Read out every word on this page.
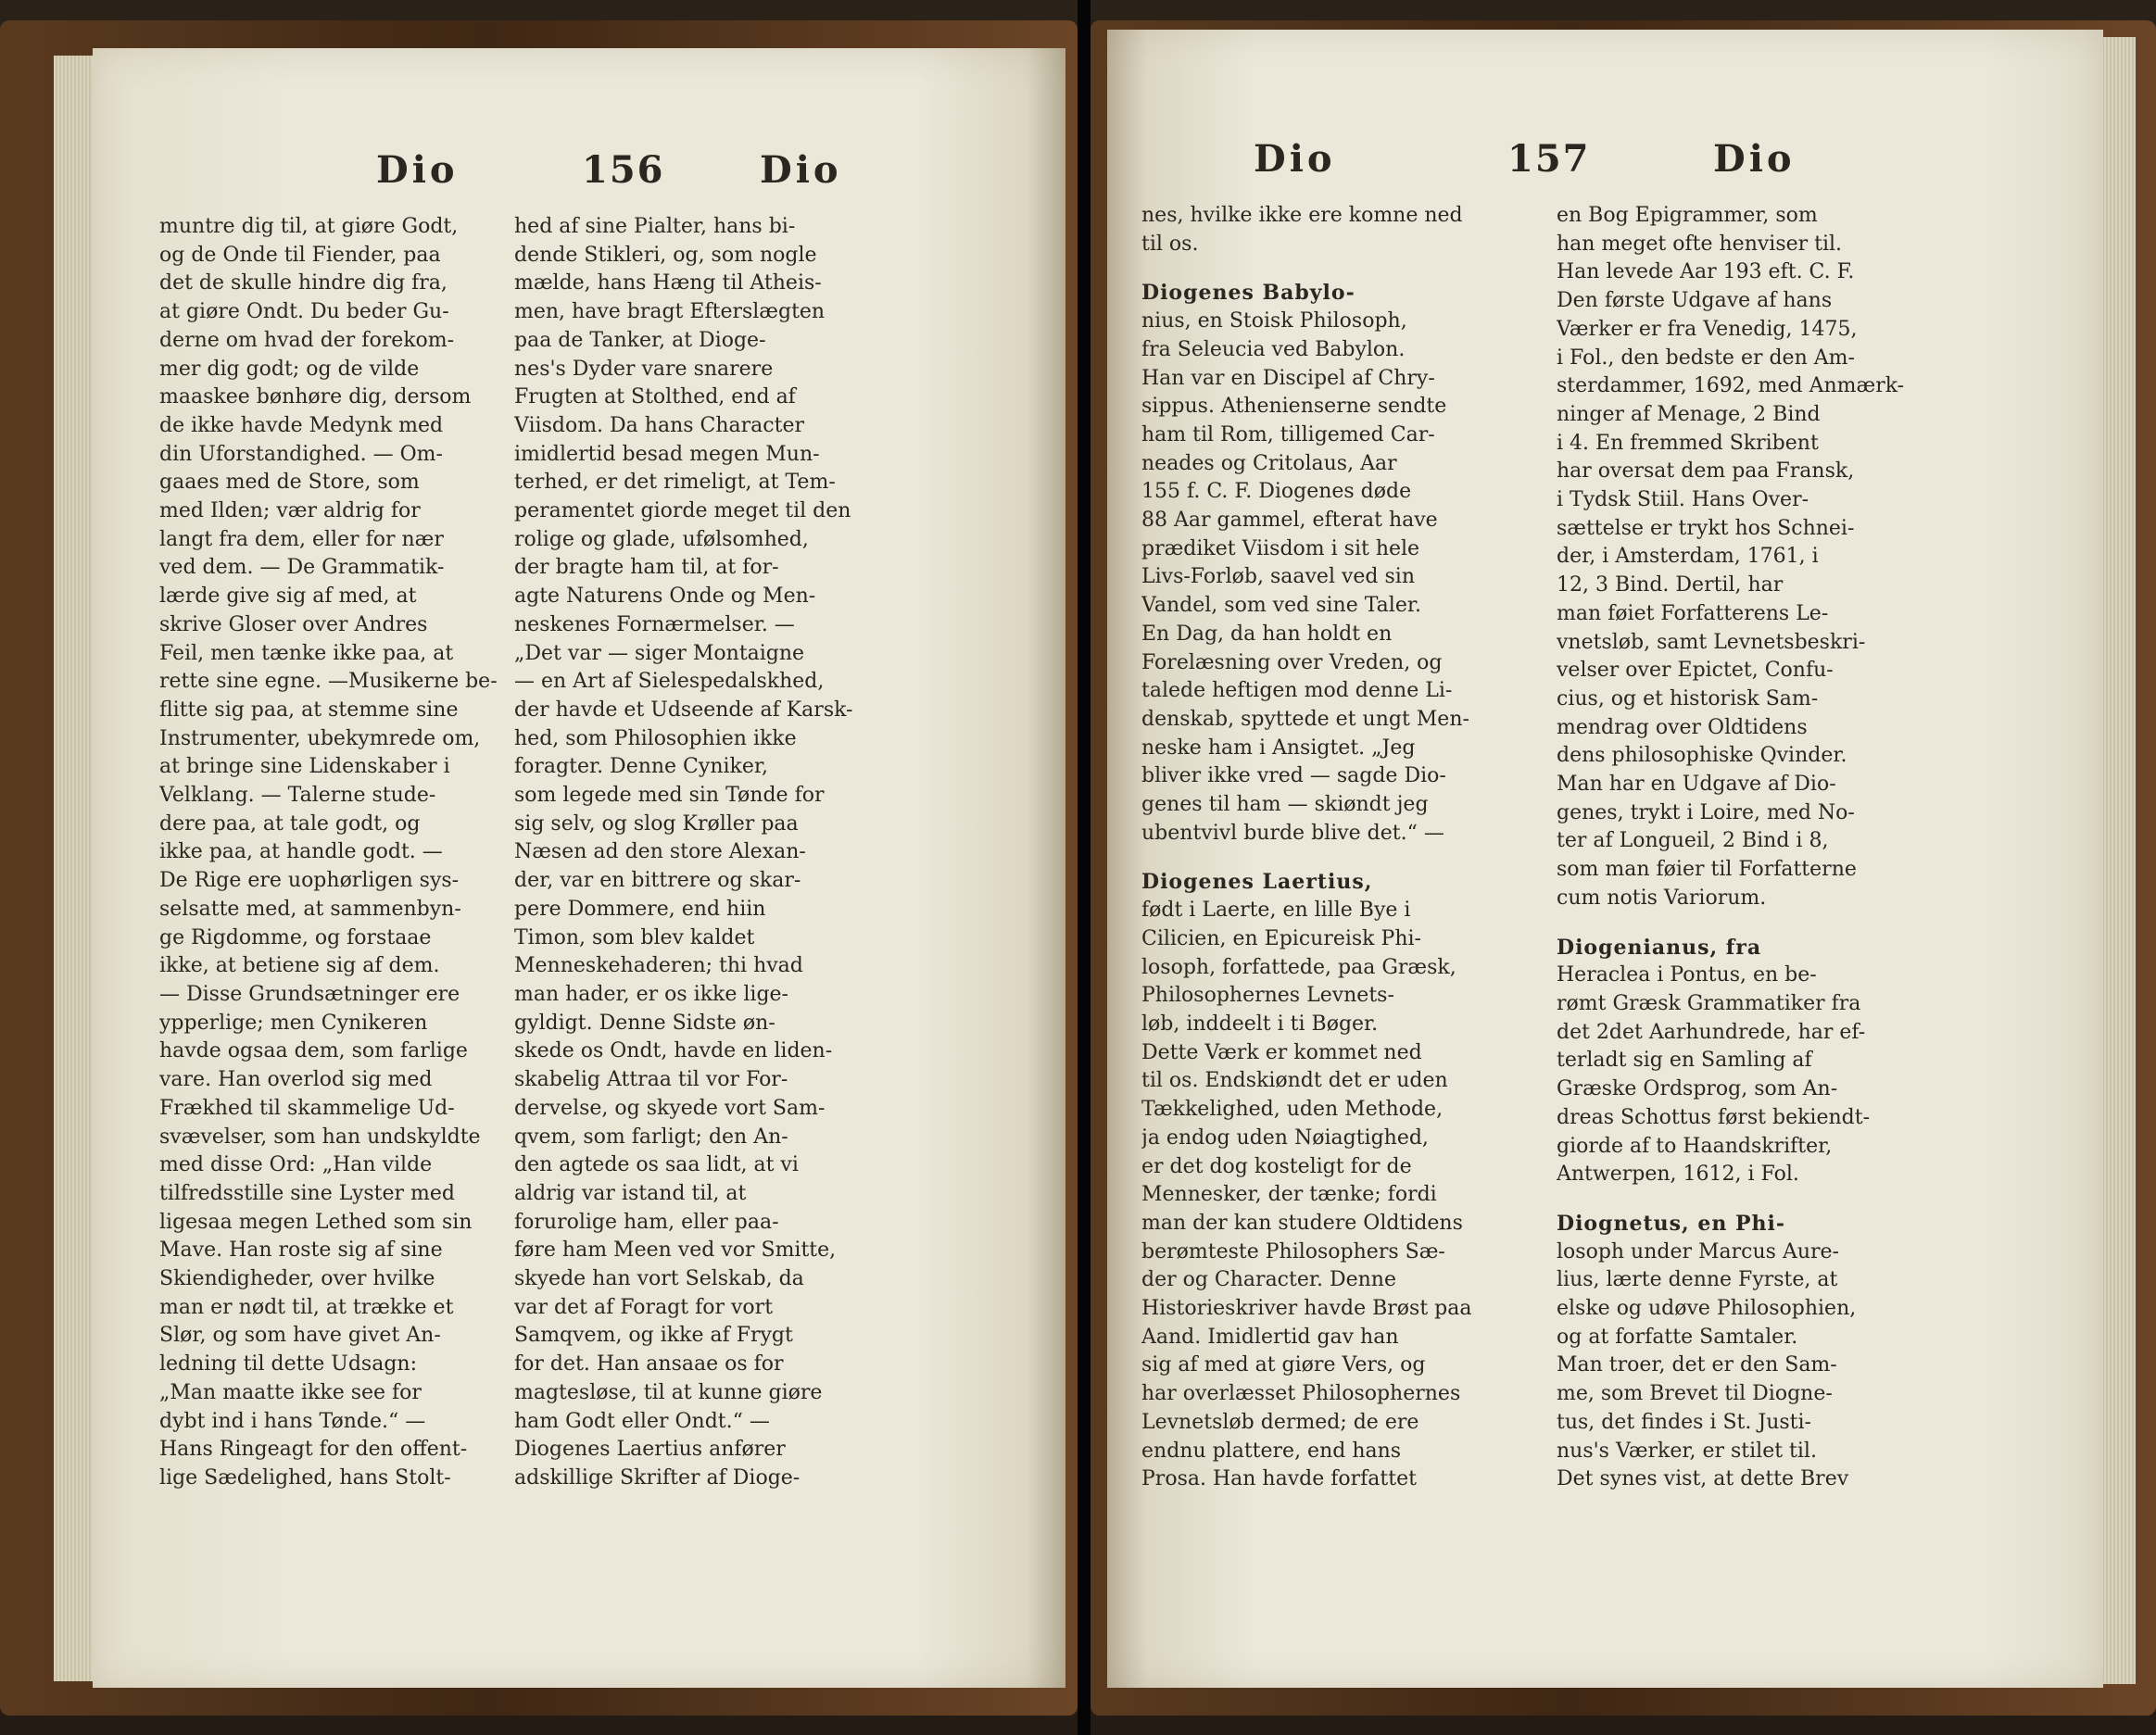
Dio	156	Dio
muntre dig til, at giøre Godt,
og de Onde til Fiender, paa
det de skulle hindre dig fra,
at giøre Ondt. Du beder Gu-
derne om hvad der forekom-
mer dig godt; og de vilde
maaskee bønhøre dig, dersom
de ikke havde Medynk med
din Uforstandighed. — Om-
gaaes med de Store, som
med Ilden; vær aldrig for
langt fra dem, eller for nær
ved dem. — De Grammatik-
lærde give sig af med, at
skrive Gloser over Andres
Feil, men tænke ikke paa, at
rette sine egne. —Musikerne be-
flitte sig paa, at stemme sine
Instrumenter, ubekymrede om,
at bringe sine Lidenskaber i
Velklang. — Talerne stude-
dere paa, at tale godt, og
ikke paa, at handle godt. —
De Rige ere uophørligen sys-
selsatte med, at sammenbyn-
ge Rigdomme, og forstaae
ikke, at betiene sig af dem.
— Disse Grundsætninger ere
ypperlige; men Cynikeren
havde ogsaa dem, som farlige
vare. Han overlod sig med
Frækhed til skammelige Ud-
svævelser, som han undskyldte
med disse Ord: „Han vilde
tilfredsstille sine Lyster med
ligesaa megen Lethed som sin
Mave. Han roste sig af sine
Skiendigheder, over hvilke
man er nødt til, at trække et
Slør, og som have givet An-
ledning til dette Udsagn:
„Man maatte ikke see for
dybt ind i hans Tønde.“ —
Hans Ringeagt for den offent-
lige Sædelighed, hans Stolt-
hed af sine Pialter, hans bi-
dende Stikleri, og, som nogle
mælde, hans Hæng til Atheis-
men, have bragt Efterslægten
paa de Tanker, at Dioge-
nes's Dyder vare snarere
Frugten at Stolthed, end af
Viisdom. Da hans Character
imidlertid besad megen Mun-
terhed, er det rimeligt, at Tem-
peramentet giorde meget til den
rolige og glade, ufølsomhed,
der bragte ham til, at for-
agte Naturens Onde og Men-
neskenes Fornærmelser. —
„Det var — siger Montaigne
— en Art af Sielespedalskhed,
der havde et Udseende af Karsk-
hed, som Philosophien ikke
foragter. Denne Cyniker,
som legede med sin Tønde for
sig selv, og slog Krøller paa
Næsen ad den store Alexan-
der, var en bittrere og skar-
pere Dommere, end hiin
Timon, som blev kaldet
Menneskehaderen; thi hvad
man hader, er os ikke lige-
gyldigt. Denne Sidste øn-
skede os Ondt, havde en liden-
skabelig Attraa til vor For-
dervelse, og skyede vort Sam-
qvem, som farligt; den An-
den agtede os saa lidt, at vi
aldrig var istand til, at
forurolige ham, eller paa-
føre ham Meen ved vor Smitte,
skyede han vort Selskab, da
var det af Foragt for vort
Samqvem, og ikke af Frygt
for det. Han ansaae os for
magtesløse, til at kunne giøre
ham Godt eller Ondt.“ —
Diogenes Laertius anfører
adskillige Skrifter af Dioge-
Dio	157	Dio
nes, hvilke ikke ere komne ned
til os.
Diogenes Babylo-
nius, en Stoisk Philosoph,
fra Seleucia ved Babylon.
Han var en Discipel af Chry-
sippus. Athenienserne sendte
ham til Rom, tilligemed Car-
neades og Critolaus, Aar
155 f. C. F. Diogenes døde
88 Aar gammel, efterat have
prædiket Viisdom i sit hele
Livs-Forløb, saavel ved sin
Vandel, som ved sine Taler.
En Dag, da han holdt en
Forelæsning over Vreden, og
talede heftigen mod denne Li-
denskab, spyttede et ungt Men-
neske ham i Ansigtet. „Jeg
bliver ikke vred — sagde Dio-
genes til ham — skiøndt jeg
ubentvivl burde blive det.“ —
Diogenes Laertius,
født i Laerte, en lille Bye i
Cilicien, en Epicureisk Phi-
losoph, forfattede, paa Græsk,
Philosophernes Levnets-
løb, inddeelt i ti Bøger.
Dette Værk er kommet ned
til os. Endskiøndt det er uden
Tækkelighed, uden Methode,
ja endog uden Nøiagtighed,
er det dog kosteligt for de
Mennesker, der tænke; fordi
man der kan studere Oldtidens
berømteste Philosophers Sæ-
der og Character. Denne
Historieskriver havde Brøst paa
Aand. Imidlertid gav han
sig af med at giøre Vers, og
har overlæsset Philosophernes
Levnetsløb dermed; de ere
endnu plattere, end hans
Prosa. Han havde forfattet
en Bog Epigrammer, som
han meget ofte henviser til.
Han levede Aar 193 eft. C. F.
Den første Udgave af hans
Værker er fra Venedig, 1475,
i Fol., den bedste er den Am-
sterdammer, 1692, med Anmærk-
ninger af Menage, 2 Bind
i 4. En fremmed Skribent
har oversat dem paa Fransk,
i Tydsk Stiil. Hans Over-
sættelse er trykt hos Schnei-
der, i Amsterdam, 1761, i
12, 3 Bind. Dertil, har
man føiet Forfatterens Le-
vnetsløb, samt Levnetsbeskri-
velser over Epictet, Confu-
cius, og et historisk Sam-
mendrag over Oldtidens
dens philosophiske Qvinder.
Man har en Udgave af Dio-
genes, trykt i Loire, med No-
ter af Longueil, 2 Bind i 8,
som man føier til Forfatterne
cum notis Variorum.
Diogenianus, fra
Heraclea i Pontus, en be-
rømt Græsk Grammatiker fra
det 2det Aarhundrede, har ef-
terladt sig en Samling af
Græske Ordsprog, som An-
dreas Schottus først bekiendt-
giorde af to Haandskrifter,
Antwerpen, 1612, i Fol.
Diognetus, en Phi-
losoph under Marcus Aure-
lius, lærte denne Fyrste, at
elske og udøve Philosophien,
og at forfatte Samtaler.
Man troer, det er den Sam-
me, som Brevet til Diogne-
tus, det findes i St. Justi-
nus's Værker, er stilet til.
Det synes vist, at dette Brev
